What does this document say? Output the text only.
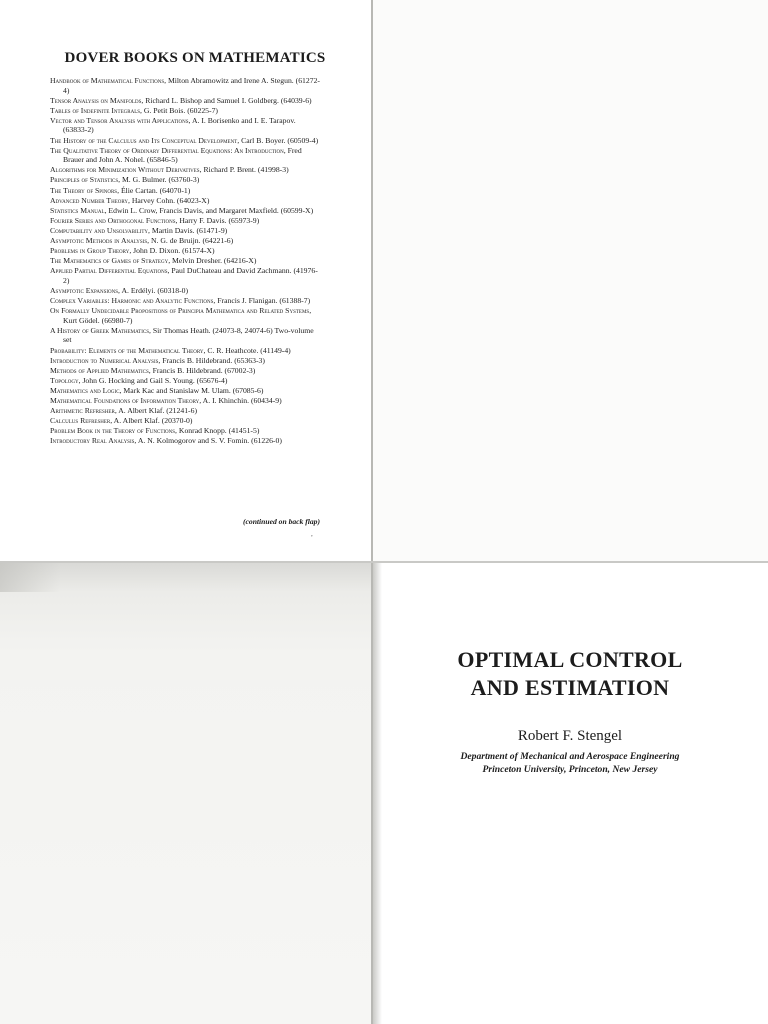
DOVER BOOKS ON MATHEMATICS
Handbook of Mathematical Functions, Milton Abramowitz and Irene A. Stegun. (61272-4)
Tensor Analysis on Manifolds, Richard L. Bishop and Samuel I. Goldberg. (64039-6)
Tables of Indefinite Integrals, G. Petit Bois. (60225-7)
Vector and Tensor Analysis with Applications, A. I. Borisenko and I. E. Tarapov. (63833-2)
The History of the Calculus and Its Conceptual Development, Carl B. Boyer. (60509-4)
The Qualitative Theory of Ordinary Differential Equations: An Introduction, Fred Brauer and John A. Nohel. (65846-5)
Algorithms for Minimization Without Derivatives, Richard P. Brent. (41998-3)
Principles of Statistics, M. G. Bulmer. (63760-3)
The Theory of Spinors, Élie Cartan. (64070-1)
Advanced Number Theory, Harvey Cohn. (64023-X)
Statistics Manual, Edwin L. Crow, Francis Davis, and Margaret Maxfield. (60599-X)
Fourier Series and Orthogonal Functions, Harry F. Davis. (65973-9)
Computability and Unsolvability, Martin Davis. (61471-9)
Asymptotic Methods in Analysis, N. G. de Bruijn. (64221-6)
Problems in Group Theory, John D. Dixon. (61574-X)
The Mathematics of Games of Strategy, Melvin Dresher. (64216-X)
Applied Partial Differential Equations, Paul DuChateau and David Zachmann. (41976-2)
Asymptotic Expansions, A. Erdélyi. (60318-0)
Complex Variables: Harmonic and Analytic Functions, Francis J. Flanigan. (61388-7)
On Formally Undecidable Propositions of Principia Mathematica and Related Systems, Kurt Gödel. (66980-7)
A History of Greek Mathematics, Sir Thomas Heath. (24073-8, 24074-6) Two-volume set
Probability: Elements of the Mathematical Theory, C. R. Heathcote. (41149-4)
Introduction to Numerical Analysis, Francis B. Hildebrand. (65363-3)
Methods of Applied Mathematics, Francis B. Hildebrand. (67002-3)
Topology, John G. Hocking and Gail S. Young. (65676-4)
Mathematics and Logic, Mark Kac and Stanislaw M. Ulam. (67085-6)
Mathematical Foundations of Information Theory, A. I. Khinchin. (60434-9)
Arithmetic Refresher, A. Albert Klaf. (21241-6)
Calculus Refresher, A. Albert Klaf. (20370-0)
Problem Book in the Theory of Functions, Konrad Knopp. (41451-5)
Introductory Real Analysis, A. N. Kolmogorov and S. V. Fomin. (61226-0)
(continued on back flap)
,
OPTIMAL CONTROL
AND ESTIMATION
Robert F. Stengel
Department of Mechanical and Aerospace Engineering
Princeton University, Princeton, New Jersey
